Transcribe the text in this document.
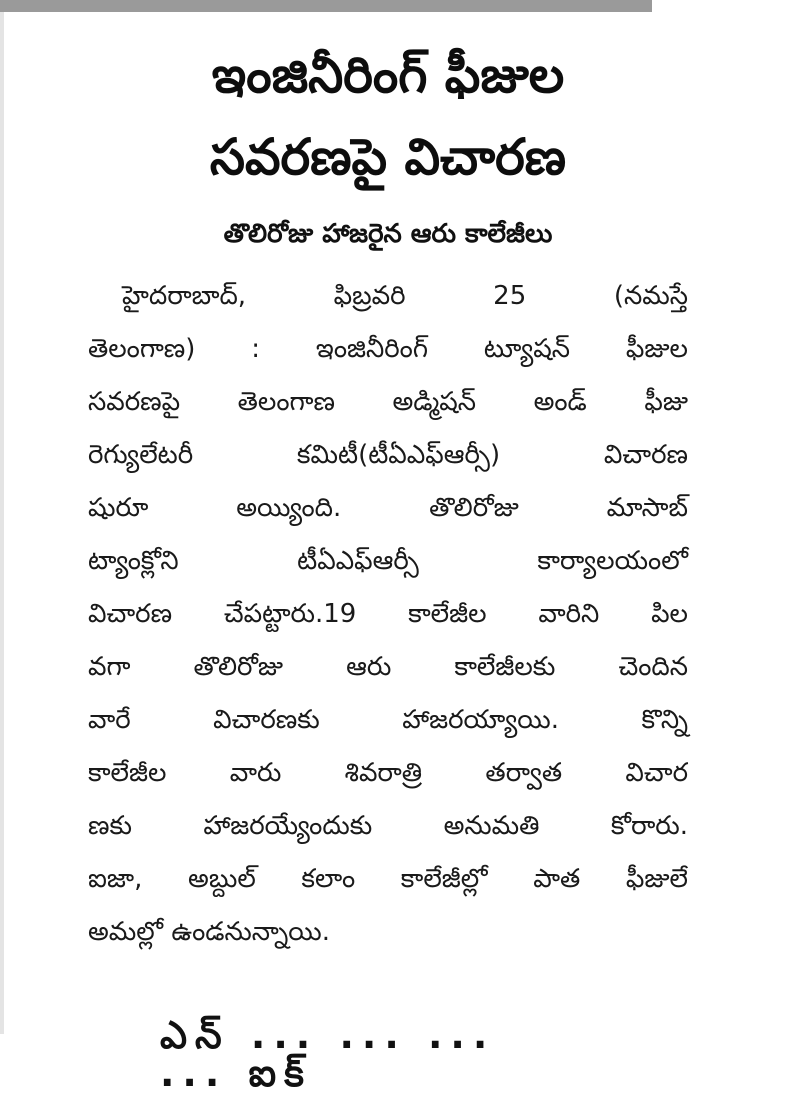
ఇంజినీరింగ్ ఫీజుల
సవరణపై విచారణ
తొలిరోజు హాజరైన ఆరు కాలేజీలు
హైదరాబాద్, ఫిబ్రవరి 25 (నమస్తే
తెలంగాణ) : ఇంజినీరింగ్ ట్యూషన్ ఫీజుల
సవరణపై తెలంగాణ అడ్మిషన్ అండ్ ఫీజు
రెగ్యులేటరీ కమిటీ(టీఏఎఫ్ఆర్సీ) విచారణ
షురూ అయ్యింది. తొలిరోజు మాసాబ్
ట్యాంక్లోని టీఏఎఫ్ఆర్సీ కార్యాలయంలో
విచారణ చేపట్టారు.19 కాలేజీల వారిని పిల
వగా తొలిరోజు ఆరు కాలేజీలకు చెందిన
వారే విచారణకు హాజరయ్యాయి. కొన్ని
కాలేజీల వారు శివరాత్రి తర్వాత విచార
ణకు హాజరయ్యేందుకు అనుమతి కోరారు.
ఐజా, అబ్దుల్ కలాం కాలేజీల్లో పాత ఫీజులే
అమల్లో ఉండనున్నాయి.
ఎన్ ... ... ... ... ఐక్
